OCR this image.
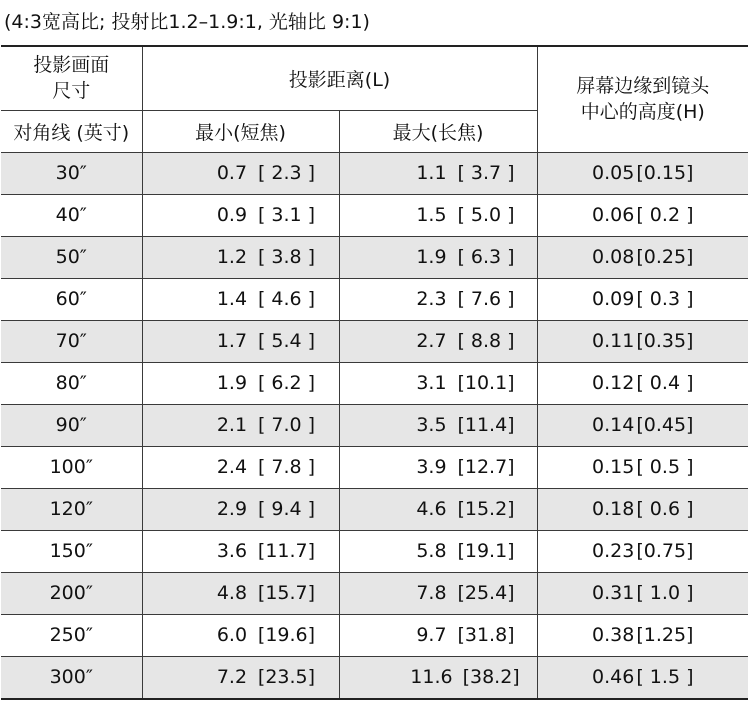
(4:3宽高比; 投射比1.2–1.9:1, 光轴比 9:1)
投影画面
尺寸	投影距离(L)		屏幕边缘到镜头
中心的高度(H)
对角线 (英寸)	最小(短焦)	最大(长焦)	
30″	0.7 [ 2.3 ]	1.1 [ 3.7 ]	0.05 [0.15]
40″	0.9 [ 3.1 ]	1.5 [ 5.0 ]	0.06 [ 0.2 ]
50″	1.2 [ 3.8 ]	1.9 [ 6.3 ]	0.08 [0.25]
60″	1.4 [ 4.6 ]	2.3 [ 7.6 ]	0.09 [ 0.3 ]
70″	1.7 [ 5.4 ]	2.7 [ 8.8 ]	0.11 [0.35]
80″	1.9 [ 6.2 ]	3.1 [10.1]	0.12 [ 0.4 ]
90″	2.1 [ 7.0 ]	3.5 [11.4]	0.14 [0.45]
100″	2.4 [ 7.8 ]	3.9 [12.7]	0.15 [ 0.5 ]
120″	2.9 [ 9.4 ]	4.6 [15.2]	0.18 [ 0.6 ]
150″	3.6 [11.7]	5.8 [19.1]	0.23 [0.75]
200″	4.8 [15.7]	7.8 [25.4]	0.31 [ 1.0 ]
250″	6.0 [19.6]	9.7 [31.8]	0.38 [1.25]
300″	7.2 [23.5]	11.6 [38.2]	0.46 [ 1.5 ]
